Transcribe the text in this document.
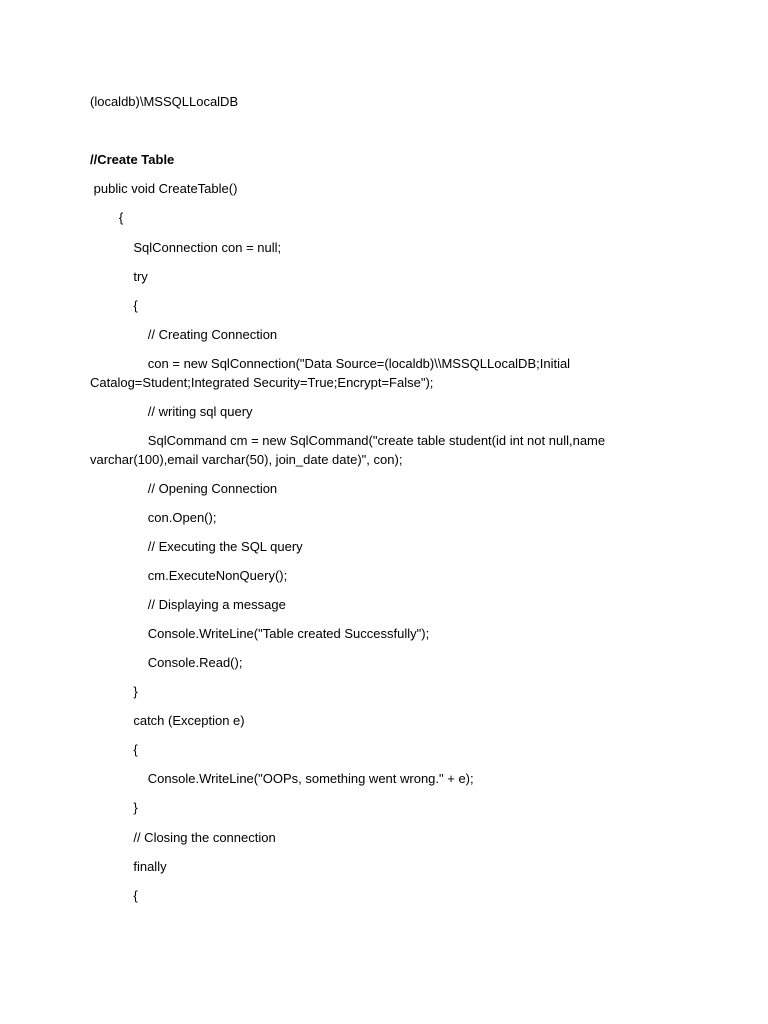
(localdb)\MSSQLLocalDB
//Create Table
public void CreateTable()
{
SqlConnection con = null;
try
{
// Creating Connection
con = new SqlConnection("Data Source=(localdb)\\MSSQLLocalDB;Initial Catalog=Student;Integrated Security=True;Encrypt=False");
// writing sql query
SqlCommand cm = new SqlCommand("create table student(id int not null,name varchar(100),email varchar(50), join_date date)", con);
// Opening Connection
con.Open();
// Executing the SQL query
cm.ExecuteNonQuery();
// Displaying a message
Console.WriteLine("Table created Successfully");
Console.Read();
}
catch (Exception e)
{
Console.WriteLine("OOPs, something went wrong." + e);
}
// Closing the connection
finally
{
